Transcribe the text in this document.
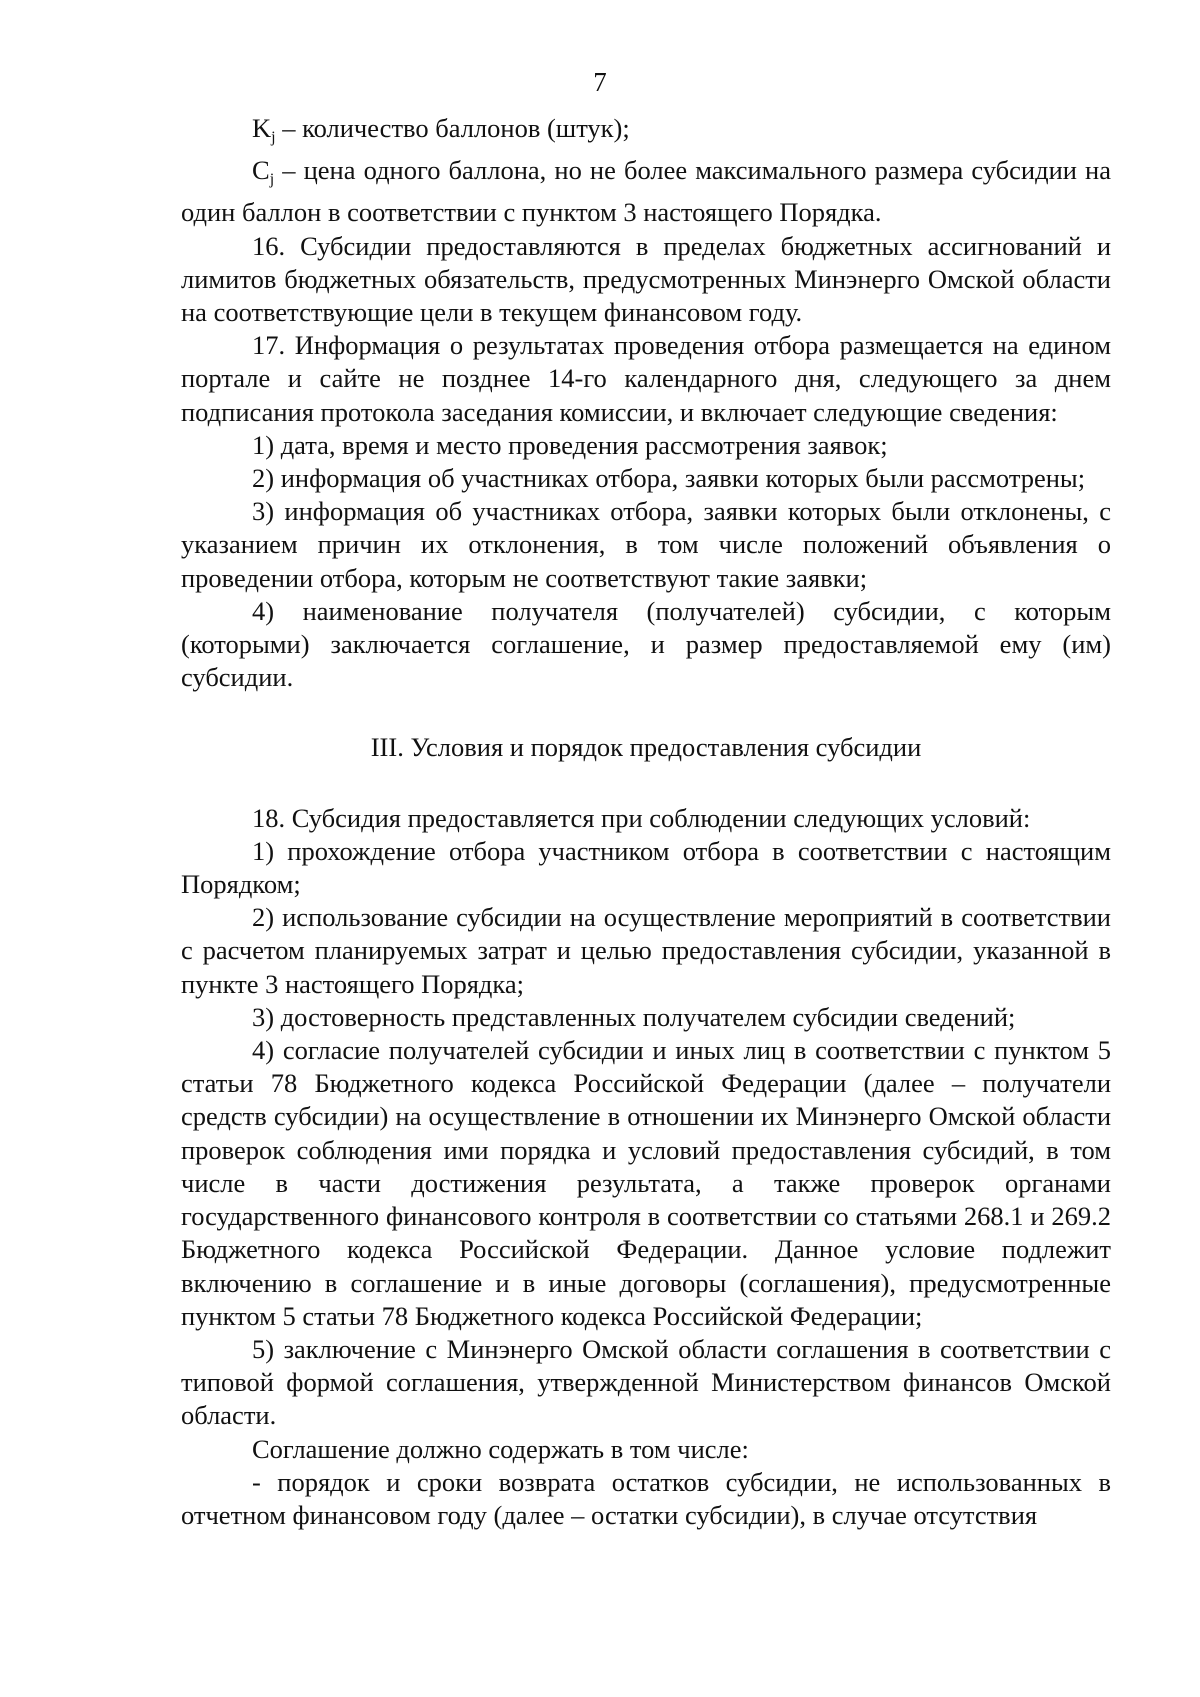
7

$K_j$ – количество баллонов (штук);

$C_j$ – цена одного баллона, но не более максимального размера субсидии на один баллон в соответствии с пунктом 3 настоящего Порядка.

16. Субсидии предоставляются в пределах бюджетных ассигнований и лимитов бюджетных обязательств, предусмотренных Минэнерго Омской области на соответствующие цели в текущем финансовом году.

17. Информация о результатах проведения отбора размещается на едином портале и сайте не позднее 14-го календарного дня, следующего за днем подписания протокола заседания комиссии, и включает следующие сведения:

1) дата, время и место проведения рассмотрения заявок;

2) информация об участниках отбора, заявки которых были рассмотрены;

3) информация об участниках отбора, заявки которых были отклонены, с указанием причин их отклонения, в том числе положений объявления о проведении отбора, которым не соответствуют такие заявки;

4) наименование получателя (получателей) субсидии, с которым (которыми) заключается соглашение, и размер предоставляемой ему (им) субсидии.

III. Условия и порядок предоставления субсидии

18. Субсидия предоставляется при соблюдении следующих условий:

1) прохождение отбора участником отбора в соответствии с настоящим Порядком;

2) использование субсидии на осуществление мероприятий в соответствии с расчетом планируемых затрат и целью предоставления субсидии, указанной в пункте 3 настоящего Порядка;

3) достоверность представленных получателем субсидии сведений;

4) согласие получателей субсидии и иных лиц в соответствии с пунктом 5 статьи 78 Бюджетного кодекса Российской Федерации (далее – получатели средств субсидии) на осуществление в отношении их Минэнерго Омской области проверок соблюдения ими порядка и условий предоставления субсидий, в том числе в части достижения результата, а также проверок органами государственного финансового контроля в соответствии со статьями 268.1 и 269.2 Бюджетного кодекса Российской Федерации. Данное условие подлежит включению в соглашение и в иные договоры (соглашения), предусмотренные пунктом 5 статьи 78 Бюджетного кодекса Российской Федерации;

5) заключение с Минэнерго Омской области соглашения в соответствии с типовой формой соглашения, утвержденной Министерством финансов Омской области.

Соглашение должно содержать в том числе:

- порядок и сроки возврата остатков субсидии, не использованных в отчетном финансовом году (далее – остатки субсидии), в случае отсутствия
